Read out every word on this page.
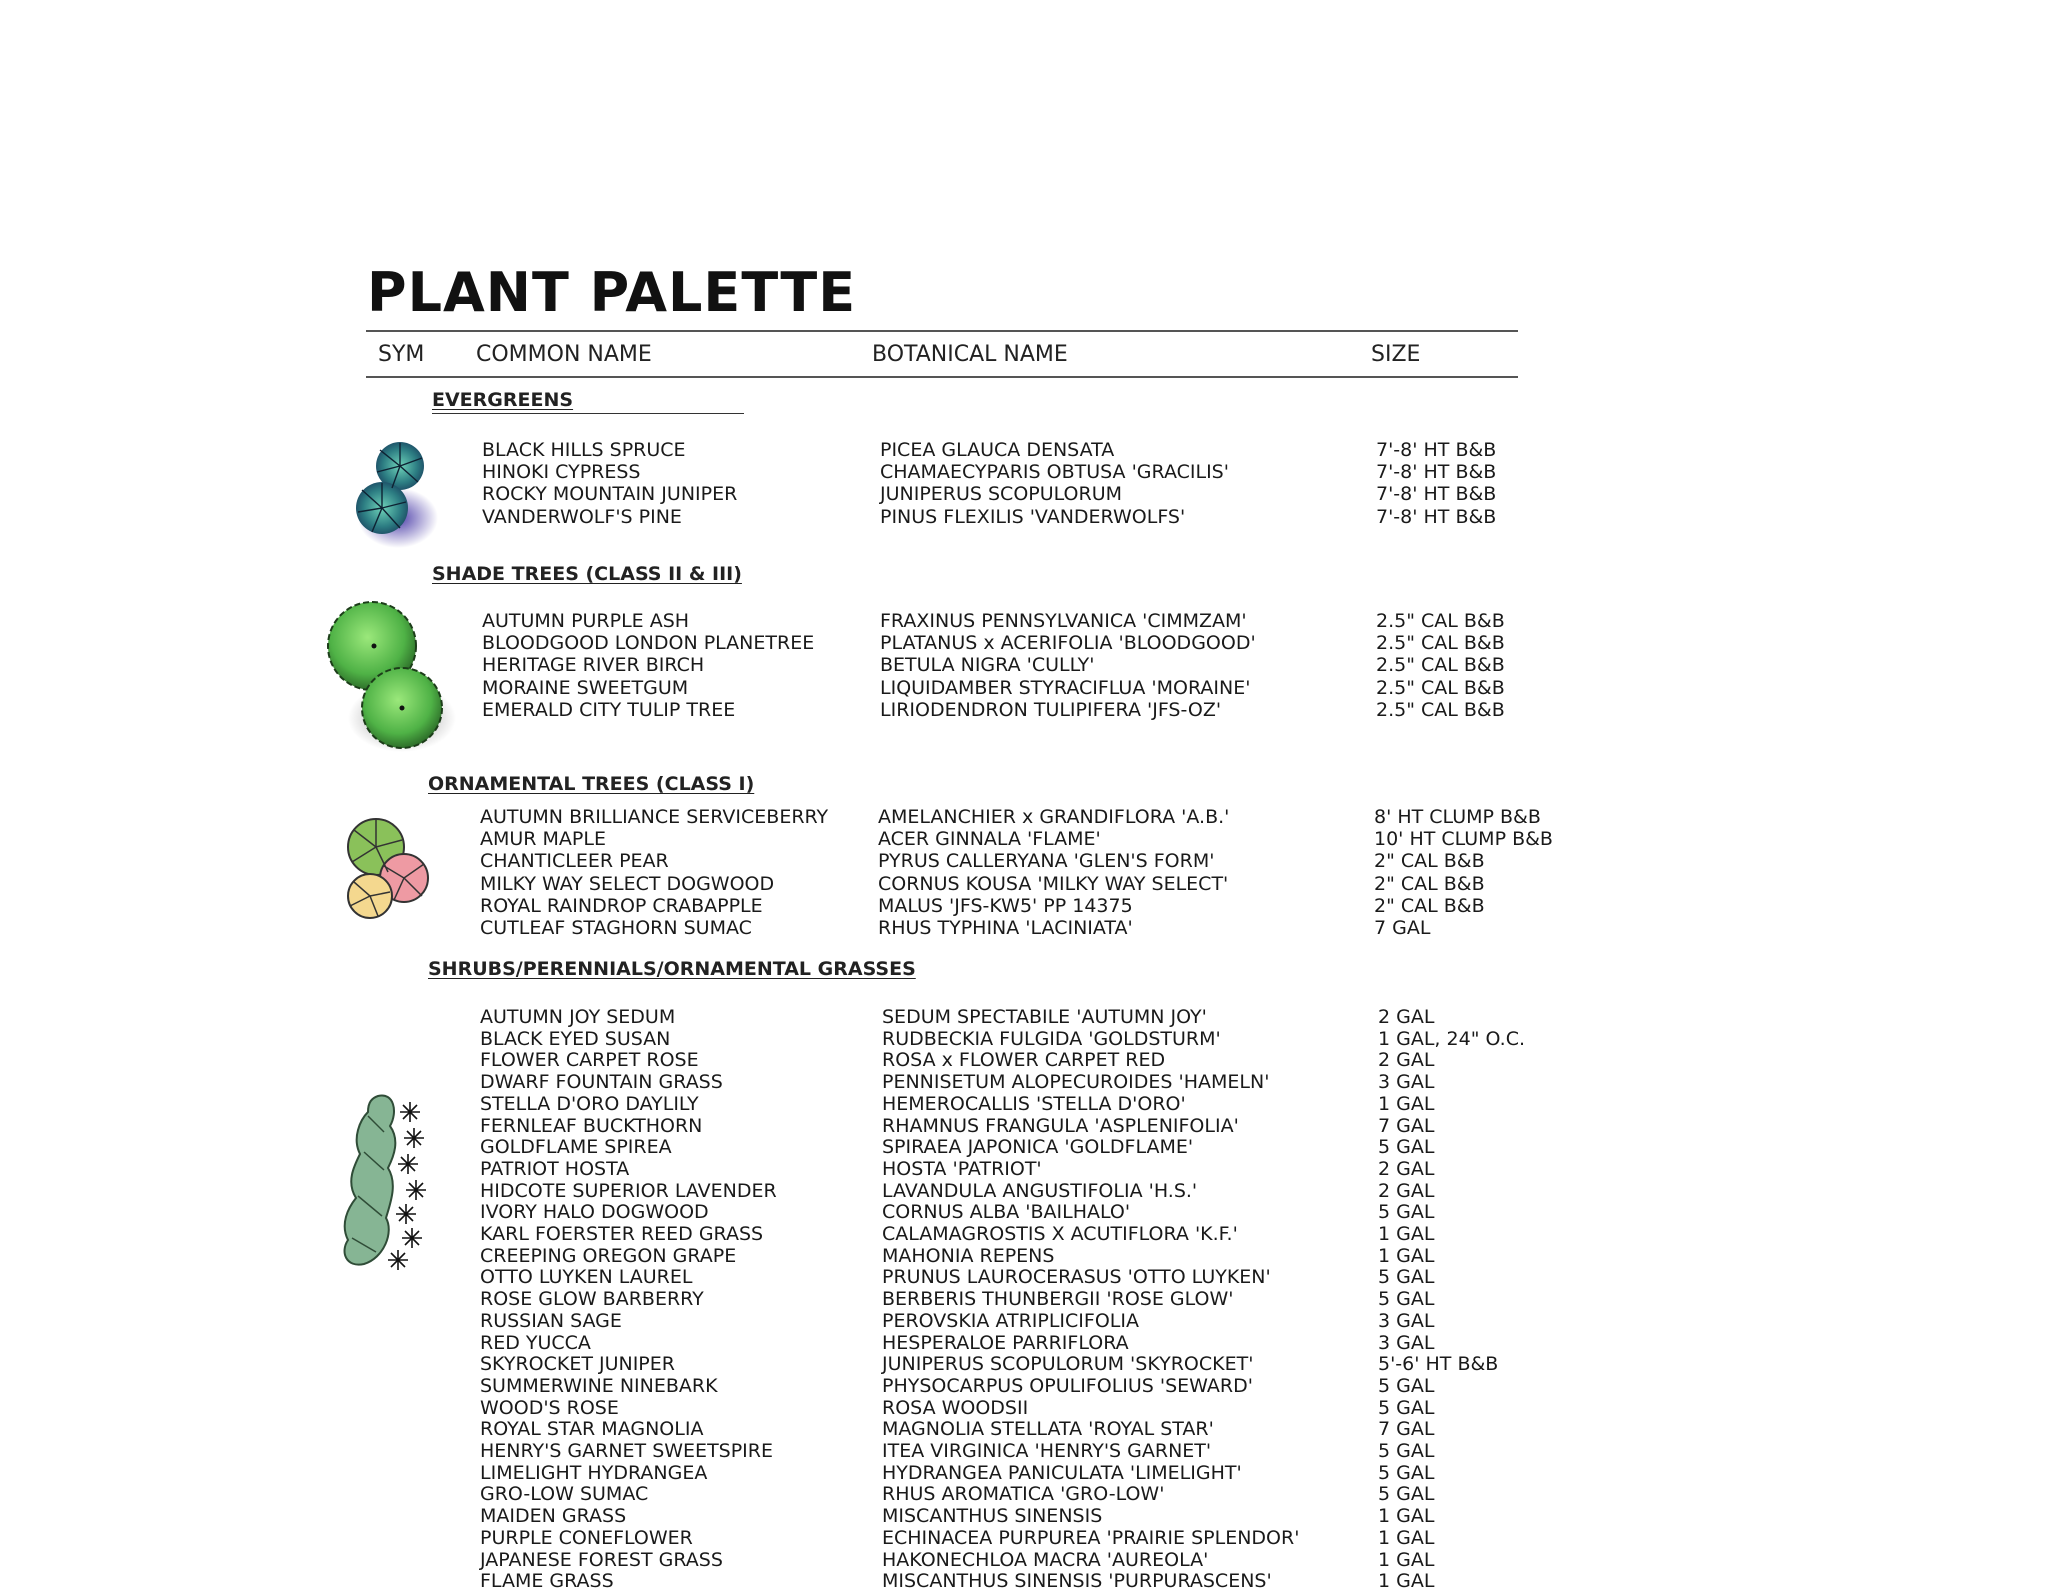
PLANT PALETTE
SYM COMMON NAME	BOTANICAL NAME	SIZE
EVERGREENS
BLACK HILLS SPRUCE	PICEA GLAUCA DENSATA	7'-8' HT B&B
HINOKI CYPRESS	CHAMAECYPARIS OBTUSA 'GRACILIS'	7'-8' HT B&B
ROCKY MOUNTAIN JUNIPER	JUNIPERUS SCOPULORUM	7'-8' HT B&B
VANDERWOLF'S PINE	PINUS FLEXILIS 'VANDERWOLFS'	7'-8' HT B&B
SHADE TREES (CLASS II & III)
AUTUMN PURPLE ASH	FRAXINUS PENNSYLVANICA 'CIMMZAM'	2.5" CAL B&B
BLOODGOOD LONDON PLANETREE	PLATANUS x ACERIFOLIA 'BLOODGOOD'	2.5" CAL B&B
HERITAGE RIVER BIRCH	BETULA NIGRA 'CULLY'	2.5" CAL B&B
MORAINE SWEETGUM	LIQUIDAMBER STYRACIFLUA 'MORAINE'	2.5" CAL B&B
EMERALD CITY TULIP TREE	LIRIODENDRON TULIPIFERA 'JFS-OZ'	2.5" CAL B&B
ORNAMENTAL TREES (CLASS I)
AUTUMN BRILLIANCE SERVICEBERRY	AMELANCHIER x GRANDIFLORA 'A.B.'	8' HT CLUMP B&B
AMUR MAPLE	ACER GINNALA 'FLAME'	10' HT CLUMP B&B
CHANTICLEER PEAR	PYRUS CALLERYANA 'GLEN'S FORM'	2" CAL B&B
MILKY WAY SELECT DOGWOOD	CORNUS KOUSA 'MILKY WAY SELECT'	2" CAL B&B
ROYAL RAINDROP CRABAPPLE	MALUS 'JFS-KW5' PP 14375	2" CAL B&B
CUTLEAF STAGHORN SUMAC	RHUS TYPHINA 'LACINIATA'	7 GAL
SHRUBS/PERENNIALS/ORNAMENTAL GRASSES
AUTUMN JOY SEDUM	SEDUM SPECTABILE 'AUTUMN JOY'	2 GAL
BLACK EYED SUSAN	RUDBECKIA FULGIDA 'GOLDSTURM'	1 GAL, 24" O.C.
FLOWER CARPET ROSE	ROSA x FLOWER CARPET RED	2 GAL
DWARF FOUNTAIN GRASS	PENNISETUM ALOPECUROIDES 'HAMELN'	3 GAL
STELLA D'ORO DAYLILY	HEMEROCALLIS 'STELLA D'ORO'	1 GAL
FERNLEAF BUCKTHORN	RHAMNUS FRANGULA 'ASPLENIFOLIA'	7 GAL
GOLDFLAME SPIREA	SPIRAEA JAPONICA 'GOLDFLAME'	5 GAL
PATRIOT HOSTA	HOSTA 'PATRIOT'	2 GAL
HIDCOTE SUPERIOR LAVENDER	LAVANDULA ANGUSTIFOLIA 'H.S.'	2 GAL
IVORY HALO DOGWOOD	CORNUS ALBA 'BAILHALO'	5 GAL
KARL FOERSTER REED GRASS	CALAMAGROSTIS X ACUTIFLORA 'K.F.'	1 GAL
CREEPING OREGON GRAPE	MAHONIA REPENS	1 GAL
OTTO LUYKEN LAUREL	PRUNUS LAUROCERASUS 'OTTO LUYKEN'	5 GAL
ROSE GLOW BARBERRY	BERBERIS THUNBERGII 'ROSE GLOW'	5 GAL
RUSSIAN SAGE	PEROVSKIA ATRIPLICIFOLIA	3 GAL
RED YUCCA	HESPERALOE PARRIFLORA	3 GAL
SKYROCKET JUNIPER	JUNIPERUS SCOPULORUM 'SKYROCKET'	5'-6' HT B&B
SUMMERWINE NINEBARK	PHYSOCARPUS OPULIFOLIUS 'SEWARD'	5 GAL
WOOD'S ROSE	ROSA WOODSII	5 GAL
ROYAL STAR MAGNOLIA	MAGNOLIA STELLATA 'ROYAL STAR'	7 GAL
HENRY'S GARNET SWEETSPIRE	ITEA VIRGINICA 'HENRY'S GARNET'	5 GAL
LIMELIGHT HYDRANGEA	HYDRANGEA PANICULATA 'LIMELIGHT'	5 GAL
GRO-LOW SUMAC	RHUS AROMATICA 'GRO-LOW'	5 GAL
MAIDEN GRASS	MISCANTHUS SINENSIS	1 GAL
PURPLE CONEFLOWER	ECHINACEA PURPUREA 'PRAIRIE SPLENDOR'	1 GAL
JAPANESE FOREST GRASS	HAKONECHLOA MACRA 'AUREOLA'	1 GAL
FLAME GRASS	MISCANTHUS SINENSIS 'PURPURASCENS'	1 GAL
